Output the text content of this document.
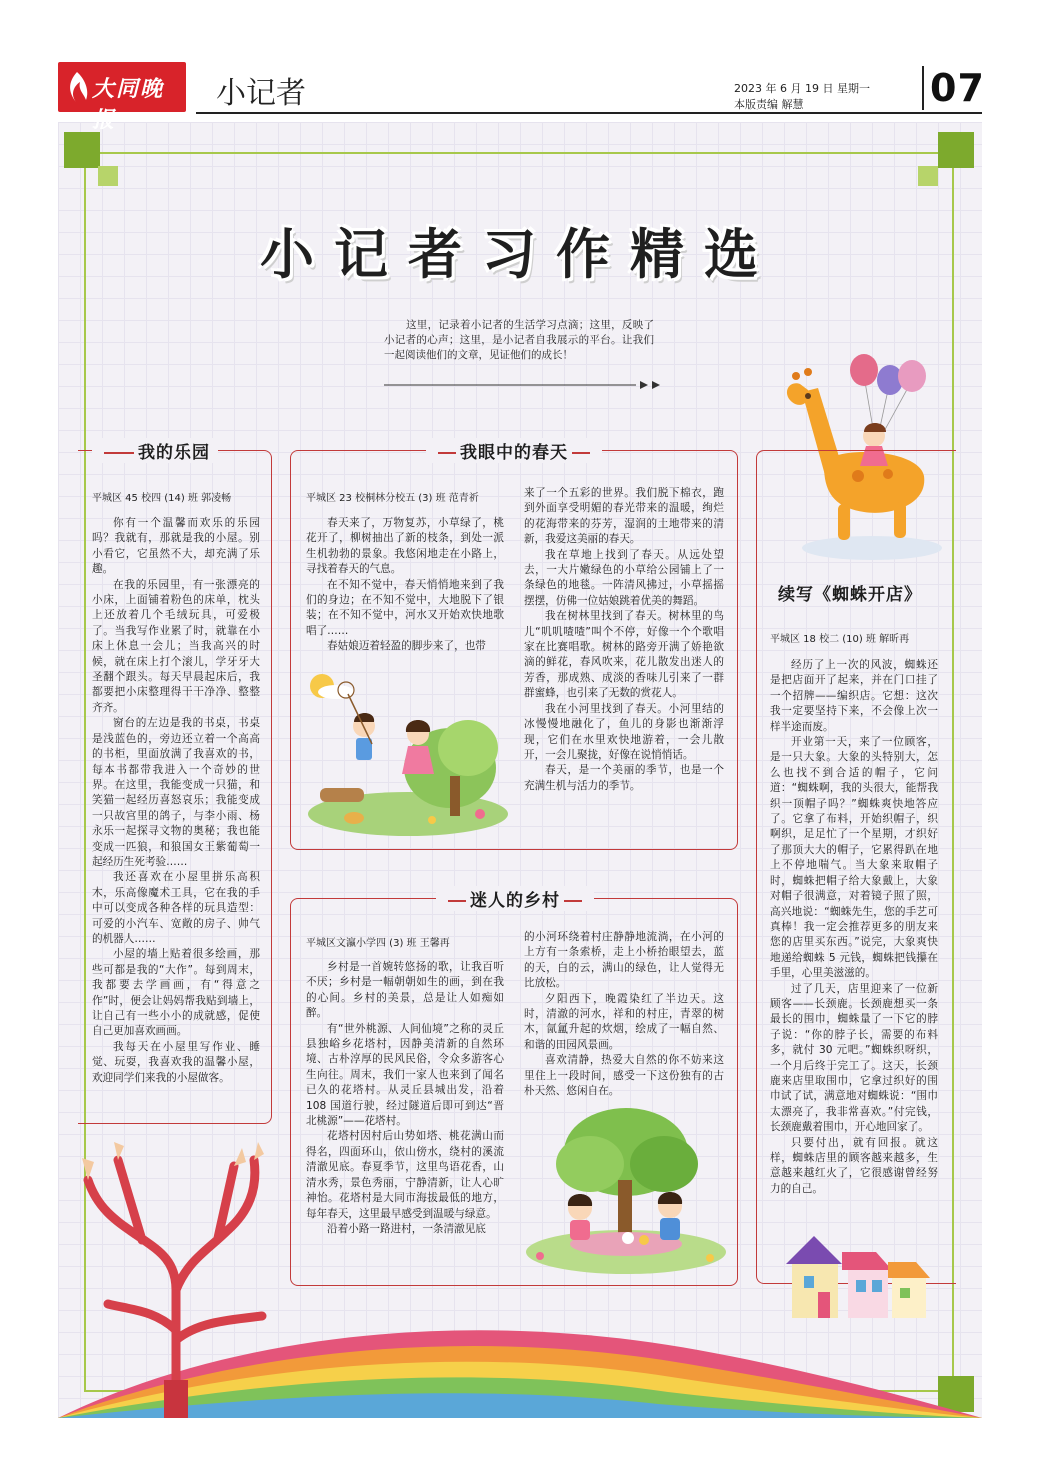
大同晚报
小记者	2023 年 6 月 19 日 星期一
本版责编 解慧	07
小记者习作精选

这里，记录着小记者的生活学习点滴；这里，反映了小记者的心声；这里，是小记者自我展示的平台。让我们一起阅读他们的文章，见证他们的成长！

我的乐园
平城区 45 校四 (14) 班 郭凌畅

你有一个温馨而欢乐的乐园吗？我就有，那就是我的小屋。别小看它，它虽然不大，却充满了乐趣。

在我的乐园里，有一张漂亮的小床，上面铺着粉色的床单，枕头上还放着几个毛绒玩具，可爱极了。当我写作业累了时，就靠在小床上休息一会儿；当我高兴的时候，就在床上打个滚儿，学牙牙大圣翻个跟头。每天早晨起床后，我都要把小床整理得干干净净、整整齐齐。

窗台的左边是我的书桌，书桌是浅蓝色的，旁边还立着一个高高的书柜，里面放满了我喜欢的书，每本书都带我进入一个奇妙的世界。在这里，我能变成一只猫，和笑猫一起经历喜怒哀乐；我能变成一只故宫里的鸽子，与李小雨、杨永乐一起探寻文物的奥秘；我也能变成一匹狼，和狼国女王紫葡萄一起经历生死考验……

我还喜欢在小屋里拼乐高积木，乐高像魔术工具，它在我的手中可以变成各种各样的玩具造型：可爱的小汽车、宽敞的房子、帅气的机器人……

小屋的墙上贴着很多绘画，那些可都是我的“大作”。每到周末，我都要去学画画，有“得意之作”时，便会让妈妈帮我贴到墙上，让自己有一些小小的成就感，促使自己更加喜欢画画。

我每天在小屋里写作业、睡觉、玩耍，我喜欢我的温馨小屋，欢迎同学们来我的小屋做客。

我眼中的春天
平城区 23 校桐林分校五 (3) 班 范青祈

春天来了，万物复苏，小草绿了，桃花开了，柳树抽出了新的枝条，到处一派生机勃勃的景象。我悠闲地走在小路上，寻找着春天的气息。

在不知不觉中，春天悄悄地来到了我们的身边；在不知不觉中，大地脱下了银装；在不知不觉中，河水又开始欢快地歌唱了……

春姑娘迈着轻盈的脚步来了，也带

来了一个五彩的世界。我们脱下棉衣，跑到外面享受明媚的春光带来的温暖，绚烂的花海带来的芬芳，湿润的土地带来的清新，我爱这美丽的春天。

我在草地上找到了春天。从远处望去，一大片嫩绿色的小草给公园铺上了一条绿色的地毯。一阵清风拂过，小草摇摇摆摆，仿佛一位姑娘跳着优美的舞蹈。

我在树林里找到了春天。树林里的鸟儿“叽叽喳喳”叫个不停，好像一个个歌唱家在比赛唱歌。树林的路旁开满了娇艳欲滴的鲜花，春风吹来，花儿散发出迷人的芳香，那成熟、成淡的香味儿引来了一群群蜜蜂，也引来了无数的赏花人。

我在小河里找到了春天。小河里结的冰慢慢地融化了，鱼儿的身影也渐渐浮现，它们在水里欢快地游着，一会儿散开，一会儿聚拢，好像在说悄悄话。

春天，是一个美丽的季节，也是一个充满生机与活力的季节。

迷人的乡村
平城区文瀛小学四 (3) 班 王馨再

乡村是一首婉转悠扬的歌，让我百听不厌；乡村是一幅朝朝如生的画，到在我的心间。乡村的美景，总是让人如痴如醉。

有“世外桃源、人间仙境”之称的灵丘县独峪乡花塔村，因静美清新的自然环境、古朴淳厚的民风民俗，令众多游客心生向往。周末，我们一家人也来到了闻名已久的花塔村。从灵丘县城出发，沿着 108 国道行驶，经过隧道后即可到达“晋北桃源”——花塔村。

花塔村因村后山势如塔、桃花满山而得名，四面环山，依山傍水，绕村的溪流清澈见底。春夏季节，这里鸟语花香，山清水秀，景色秀丽，宁静清新，让人心旷神怡。花塔村是大同市海拔最低的地方，每年春天，这里最早感受到温暖与绿意。

沿着小路一路进村，一条清澈见底

的小河环绕着村庄静静地流淌，在小河的上方有一条索桥，走上小桥抬眼望去，蓝的天，白的云，满山的绿色，让人觉得无比放松。

夕阳西下，晚霞染红了半边天。这时，清澈的河水，祥和的村庄，青翠的树木，氤氲升起的炊烟，绘成了一幅自然、和谐的田园风景画。

喜欢清静，热爱大自然的你不妨来这里住上一段时间，感受一下这份独有的古朴天然、悠闲自在。

续写《蜘蛛开店》
平城区 18 校二 (10) 班 解昕再

经历了上一次的风波，蜘蛛还是把店面开了起来，并在门口挂了一个招牌——编织店。它想：这次我一定要坚持下来，不会像上次一样半途而废。

开业第一天，来了一位顾客，是一只大象。大象的头特别大，怎么也找不到合适的帽子，它问道：“蜘蛛啊，我的头很大，能帮我织一顶帽子吗？”蜘蛛爽快地答应了。它拿了布料，开始织帽子，织啊织，足足忙了一个星期，才织好了那顶大大的帽子，它累得趴在地上不停地喘气。当大象来取帽子时，蜘蛛把帽子给大象戴上，大象对帽子很满意，对着镜子照了照，高兴地说：“蜘蛛先生，您的手艺可真棒！我一定会推荐更多的朋友来您的店里买东西。”说完，大象爽快地递给蜘蛛 5 元钱，蜘蛛把钱攥在手里，心里美滋滋的。

过了几天，店里迎来了一位新顾客——长颈鹿。长颈鹿想买一条最长的围巾，蜘蛛量了一下它的脖子说：“你的脖子长，需要的布料多，就付 30 元吧。”蜘蛛织呀织，一个月后终于完工了。这天，长颈鹿来店里取围巾，它拿过织好的围巾试了试，满意地对蜘蛛说：“围巾太漂亮了，我非常喜欢。”付完钱，长颈鹿戴着围巾，开心地回家了。

只要付出，就有回报。就这样，蜘蛛店里的顾客越来越多，生意越来越红火了，它很感谢曾经努力的自己。
